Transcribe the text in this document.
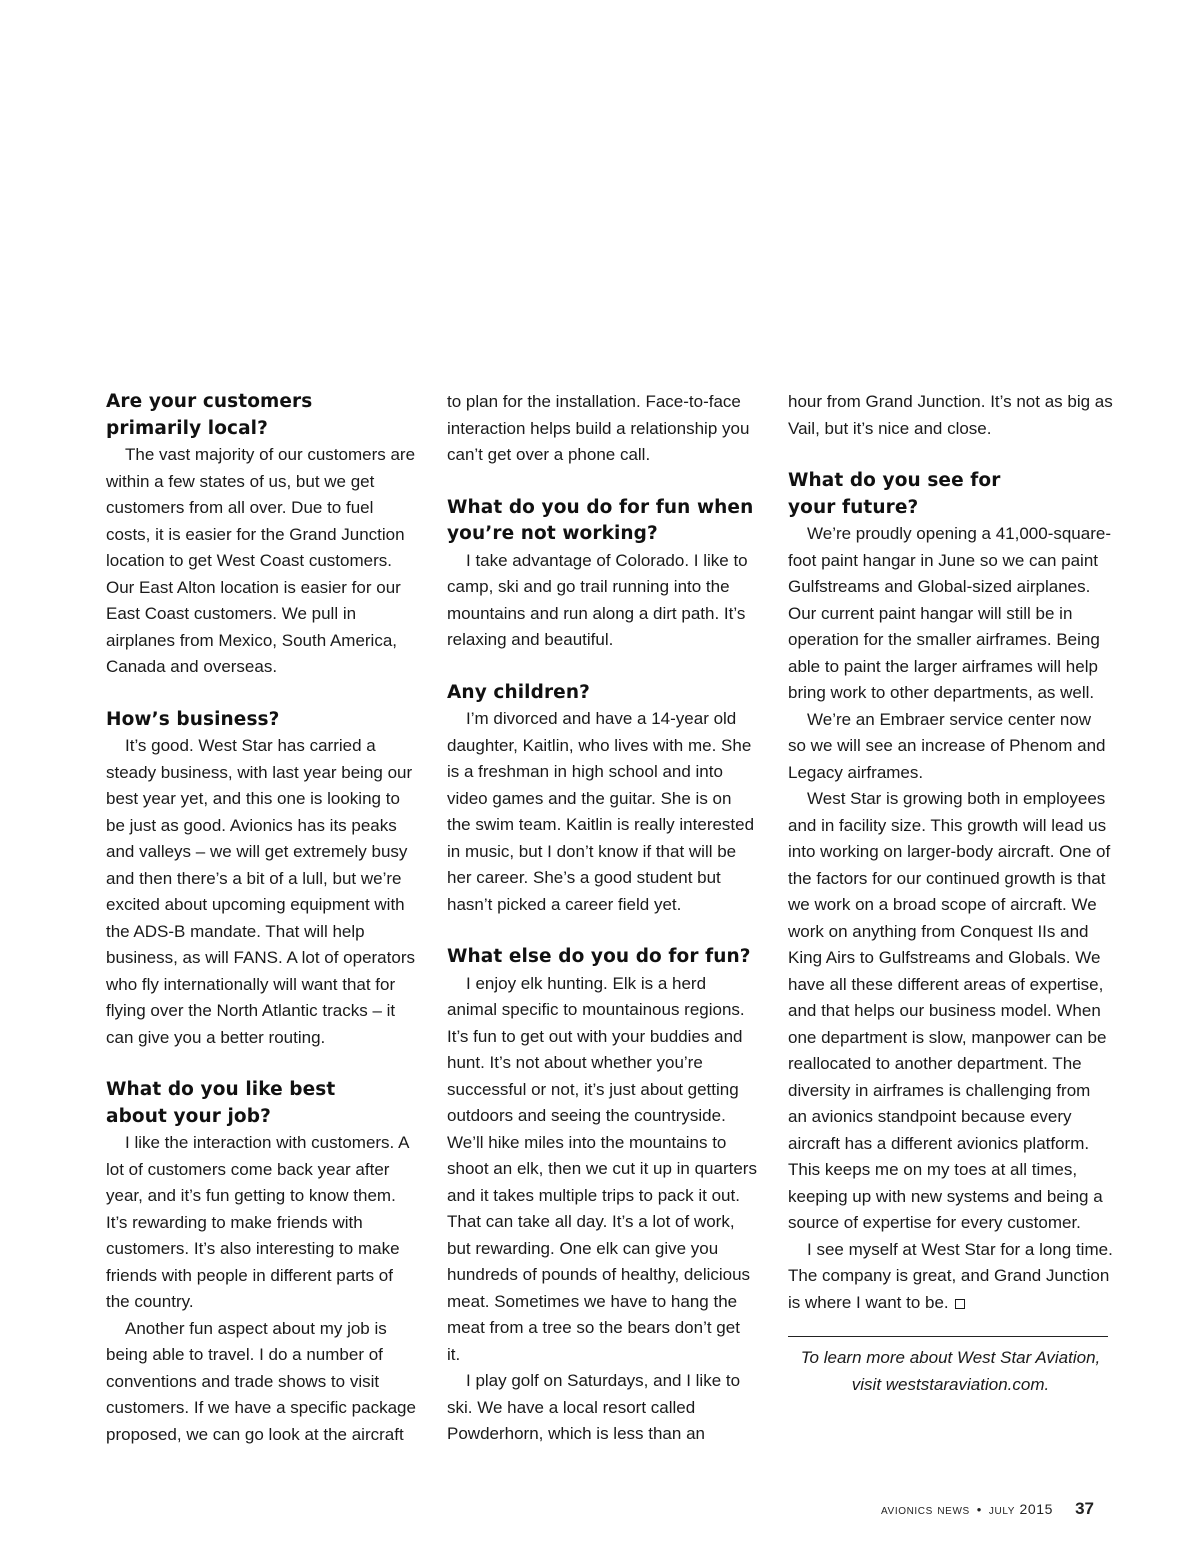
Are your customers primarily local?

The vast majority of our customers are within a few states of us, but we get customers from all over. Due to fuel costs, it is easier for the Grand Junction location to get West Coast customers. Our East Alton location is easier for our East Coast customers. We pull in airplanes from Mexico, South America, Canada and overseas.

How’s business?

It’s good. West Star has carried a steady business, with last year being our best year yet, and this one is looking to be just as good. Avionics has its peaks and valleys – we will get extremely busy and then there’s a bit of a lull, but we’re excited about upcoming equipment with the ADS-B mandate. That will help business, as will FANS. A lot of operators who fly internationally will want that for flying over the North Atlantic tracks – it can give you a better routing.

What do you like best about your job?

I like the interaction with customers. A lot of customers come back year after year, and it’s fun getting to know them. It’s rewarding to make friends with customers. It’s also interesting to make friends with people in different parts of the country.

Another fun aspect about my job is being able to travel. I do a number of conventions and trade shows to visit customers. If we have a specific package proposed, we can go look at the aircraft

to plan for the installation. Face-to-face interaction helps build a relationship you can’t get over a phone call.

What do you do for fun when you’re not working?

I take advantage of Colorado. I like to camp, ski and go trail running into the mountains and run along a dirt path. It’s relaxing and beautiful.

Any children?

I’m divorced and have a 14-year old daughter, Kaitlin, who lives with me. She is a freshman in high school and into video games and the guitar. She is on the swim team. Kaitlin is really interested in music, but I don’t know if that will be her career. She’s a good student but hasn’t picked a career field yet.

What else do you do for fun?

I enjoy elk hunting. Elk is a herd animal specific to mountainous regions. It’s fun to get out with your buddies and hunt. It’s not about whether you’re successful or not, it’s just about getting outdoors and seeing the countryside. We’ll hike miles into the mountains to shoot an elk, then we cut it up in quarters and it takes multiple trips to pack it out. That can take all day. It’s a lot of work, but rewarding. One elk can give you hundreds of pounds of healthy, delicious meat. Sometimes we have to hang the meat from a tree so the bears don’t get it.

I play golf on Saturdays, and I like to ski. We have a local resort called Powderhorn, which is less than an

hour from Grand Junction. It’s not as big as Vail, but it’s nice and close.

What do you see for your future?

We’re proudly opening a 41,000-square-foot paint hangar in June so we can paint Gulfstreams and Global-sized airplanes. Our current paint hangar will still be in operation for the smaller airframes. Being able to paint the larger airframes will help bring work to other departments, as well.

We’re an Embraer service center now so we will see an increase of Phenom and Legacy airframes.

West Star is growing both in employees and in facility size. This growth will lead us into working on larger-body aircraft. One of the factors for our continued growth is that we work on a broad scope of aircraft. We work on anything from Conquest IIs and King Airs to Gulfstreams and Globals. We have all these different areas of expertise, and that helps our business model. When one department is slow, manpower can be reallocated to another department. The diversity in airframes is challenging from an avionics standpoint because every aircraft has a different avionics platform. This keeps me on my toes at all times, keeping up with new systems and being a source of expertise for every customer.

I see myself at West Star for a long time. The company is great, and Grand Junction is where I want to be.

To learn more about West Star Aviation,

visit weststaraviation.com.

avionics news • july 2015 37
